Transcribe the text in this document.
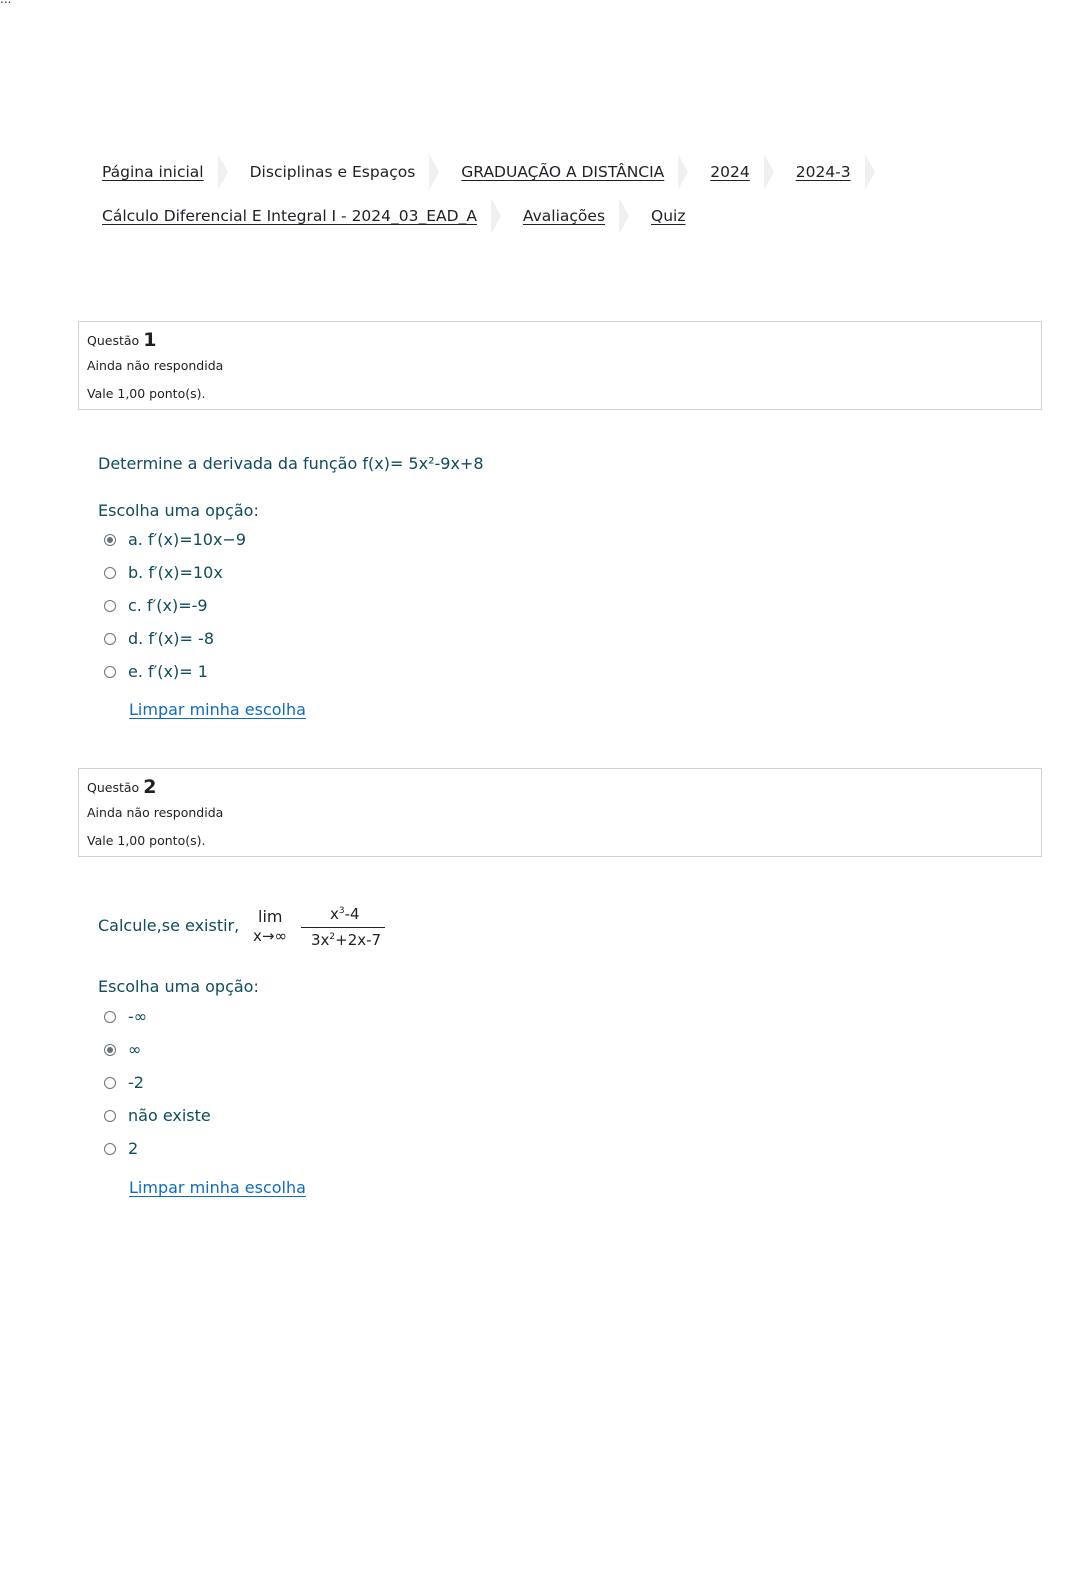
Página inicial	Disciplinas e Espaços	GRADUAÇÃO A DISTÂNCIA	2024	2024-3
Cálculo Diferencial E Integral I - 2024_03_EAD_A	Avaliações	Quiz
Questão 1
Ainda não respondida
Vale 1,00 ponto(s).
Determine a derivada da função f(x)= 5x²-9x+8
Escolha uma opção:
a. f′(x)=10x−9
b. f′(x)=10x
c. f′(x)=-9
d. f′(x)= -8
e. f′(x)= 1
Limpar minha escolha
Questão 2
Ainda não respondida
Vale 1,00 ponto(s).
Calcule,se existir, lim
x→∞
$x^3-4$
$3x^2+2x-7$
Escolha uma opção:
-∞
∞
-2
não existe
2
Limpar minha escolha
